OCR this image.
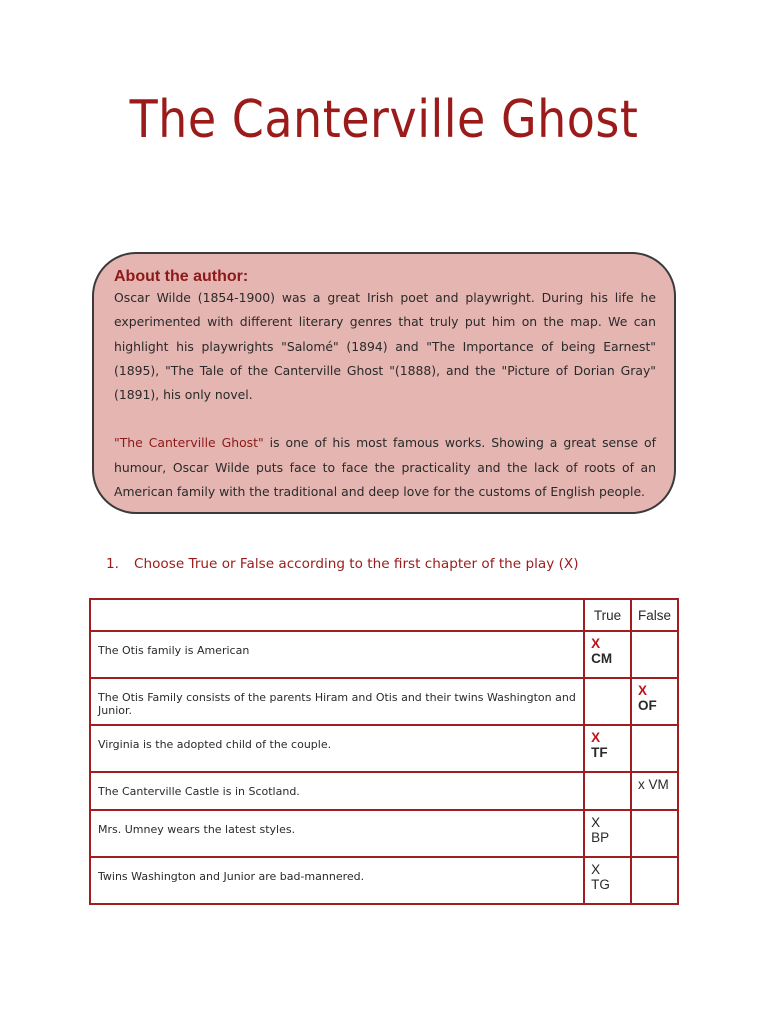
The Canterville Ghost

About the author:

Oscar Wilde (1854-1900) was a great Irish poet and playwright. During his life he experimented with different literary genres that truly put him on the map. We can highlight his playwrights "Salomé" (1894) and "The Importance of being Earnest" (1895), "The Tale of the Canterville Ghost "(1888), and the "Picture of Dorian Gray" (1891), his only novel.

"The Canterville Ghost" is one of his most famous works. Showing a great sense of humour, Oscar Wilde puts face to face the practicality and the lack of roots of an American family with the traditional and deep love for the customs of English people.

1. Choose True or False according to the first chapter of the play (X)
	True	False
The Otis family is American	X
CM	

The Otis Family consists of the parents Hiram and Otis and their twins Washington and Junior.		X
OF

Virginia is the adopted child of the couple.	X
TF	

The Canterville Castle is in Scotland.		x VM
Mrs. Umney wears the latest styles.	X
BP	

Twins Washington and Junior are bad-mannered.	X
TG	
